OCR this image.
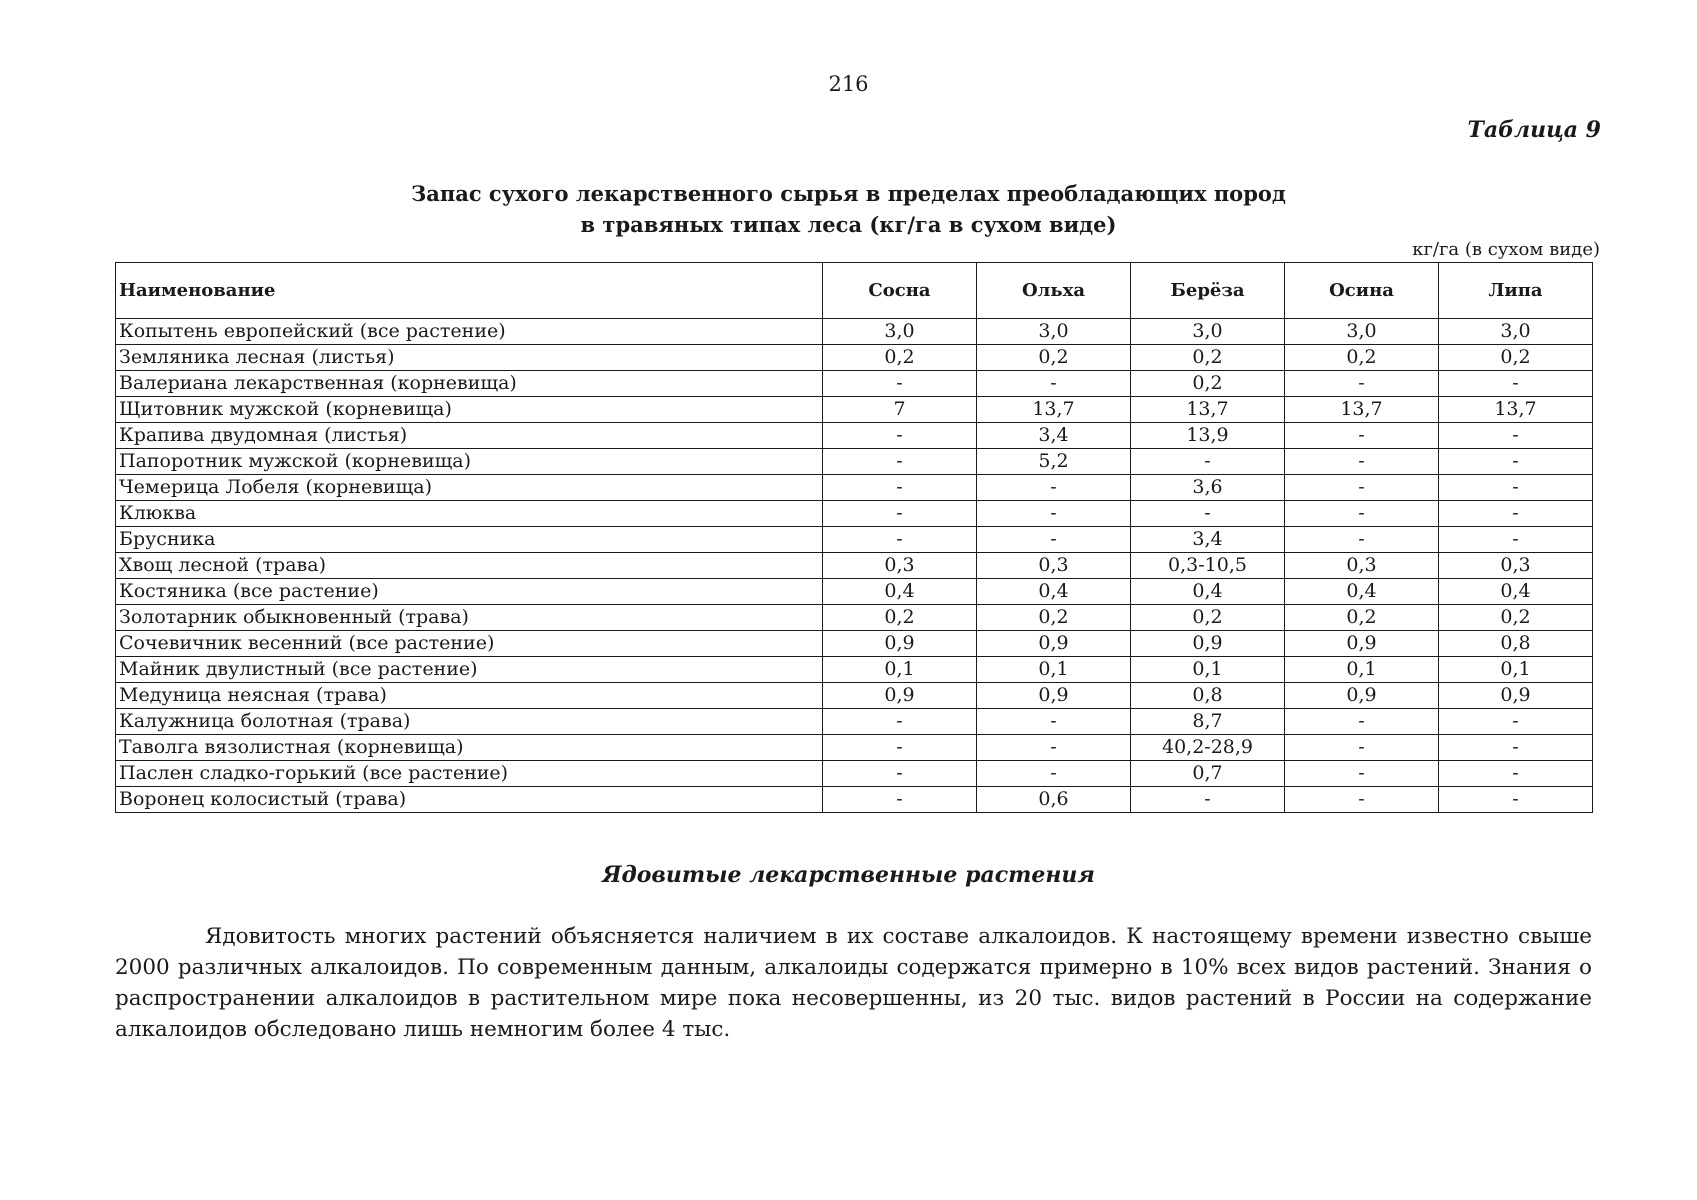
216
Таблица 9
Запас сухого лекарственного сырья в пределах преобладающих пород
в травяных типах леса (кг/га в сухом виде)
кг/га (в сухом виде)
Наименование	Сосна	Ольха	Берёза	Осина	Липа
Копытень европейский (все растение)	3,0	3,0	3,0	3,0	3,0
Земляника лесная (листья)	0,2	0,2	0,2	0,2	0,2
Валериана лекарственная (корневища)	-	-	0,2	-	-
Щитовник мужской (корневища)	7	13,7	13,7	13,7	13,7
Крапива двудомная (листья)	-	3,4	13,9	-	-
Папоротник мужской (корневища)	-	5,2	-	-	-
Чемерица Лобеля (корневища)	-	-	3,6	-	-
Клюква	-	-	-	-	-
Брусника	-	-	3,4	-	-
Хвощ лесной (трава)	0,3	0,3	0,3-10,5	0,3	0,3
Костяника (все растение)	0,4	0,4	0,4	0,4	0,4
Золотарник обыкновенный (трава)	0,2	0,2	0,2	0,2	0,2
Сочевичник весенний (все растение)	0,9	0,9	0,9	0,9	0,8
Майник двулистный (все растение)	0,1	0,1	0,1	0,1	0,1
Медуница неясная (трава)	0,9	0,9	0,8	0,9	0,9
Калужница болотная (трава)	-	-	8,7	-	-
Таволга вязолистная (корневища)	-	-	40,2-28,9	-	-
Паслен сладко-горький (все растение)	-	-	0,7	-	-
Воронец колосистый (трава)	-	0,6	-	-	-
Ядовитые лекарственные растения

Ядовитость многих растений объясняется наличием в их составе алкалоидов. К настоящему времени известно свыше 2000 различных алкалоидов. По современным данным, алкалоиды содержатся примерно в 10% всех видов растений. Знания о распространении алкалоидов в растительном мире пока несовершенны, из 20 тыс. видов растений в России на содержание алкалоидов обследовано лишь немногим более 4 тыс.
